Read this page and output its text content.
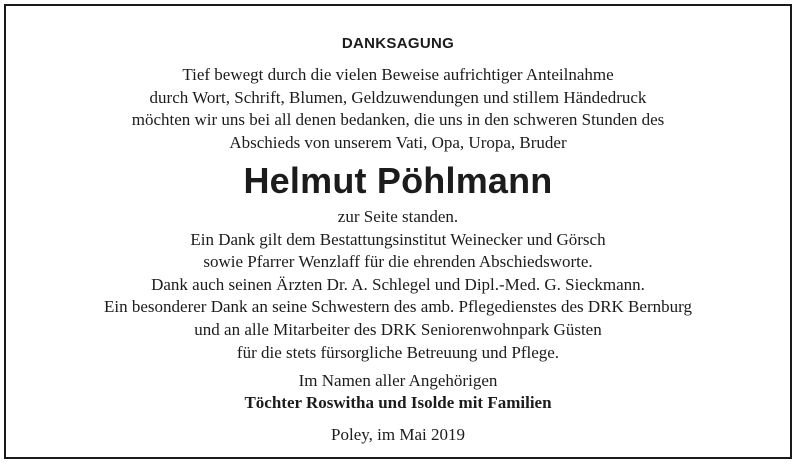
DANKSAGUNG
Tief bewegt durch die vielen Beweise aufrichtiger Anteilnahme
durch Wort, Schrift, Blumen, Geldzuwendungen und stillem Händedruck
möchten wir uns bei all denen bedanken, die uns in den schweren Stunden des
Abschieds von unserem Vati, Opa, Uropa, Bruder
Helmut Pöhlmann
zur Seite standen.
Ein Dank gilt dem Bestattungsinstitut Weinecker und Görsch
sowie Pfarrer Wenzlaff für die ehrenden Abschiedsworte.
Dank auch seinen Ärzten Dr. A. Schlegel und Dipl.-Med. G. Sieckmann.
Ein besonderer Dank an seine Schwestern des amb. Pflegedienstes des DRK Bernburg
und an alle Mitarbeiter des DRK Seniorenwohnpark Güsten
für die stets fürsorgliche Betreuung und Pflege.
Im Namen aller Angehörigen
Töchter Roswitha und Isolde mit Familien
Poley, im Mai 2019
